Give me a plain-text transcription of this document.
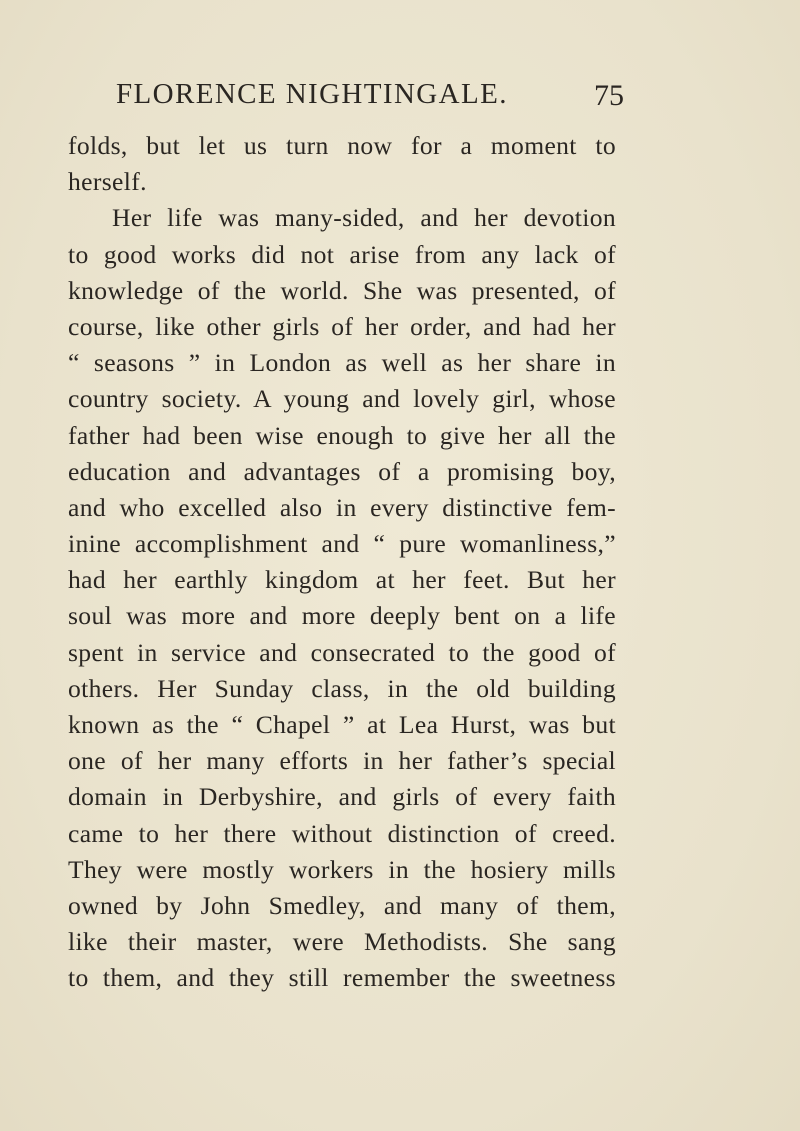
FLORENCE NIGHTINGALE.	75
folds, but let us turn now for a moment to
herself.
Her life was many-sided, and her devotion
to good works did not arise from any lack of
knowledge of the world. She was presented, of
course, like other girls of her order, and had her
“ seasons ” in London as well as her share in
country society. A young and lovely girl, whose
father had been wise enough to give her all the
education and advantages of a promising boy,
and who excelled also in every distinctive fem-
inine accomplishment and “ pure womanliness,”
had her earthly kingdom at her feet. But her
soul was more and more deeply bent on a life
spent in service and consecrated to the good of
others. Her Sunday class, in the old building
known as the “ Chapel ” at Lea Hurst, was but
one of her many efforts in her father’s special
domain in Derbyshire, and girls of every faith
came to her there without distinction of creed.
They were mostly workers in the hosiery mills
owned by John Smedley, and many of them,
like their master, were Methodists. She sang
to them, and they still remember the sweetness
